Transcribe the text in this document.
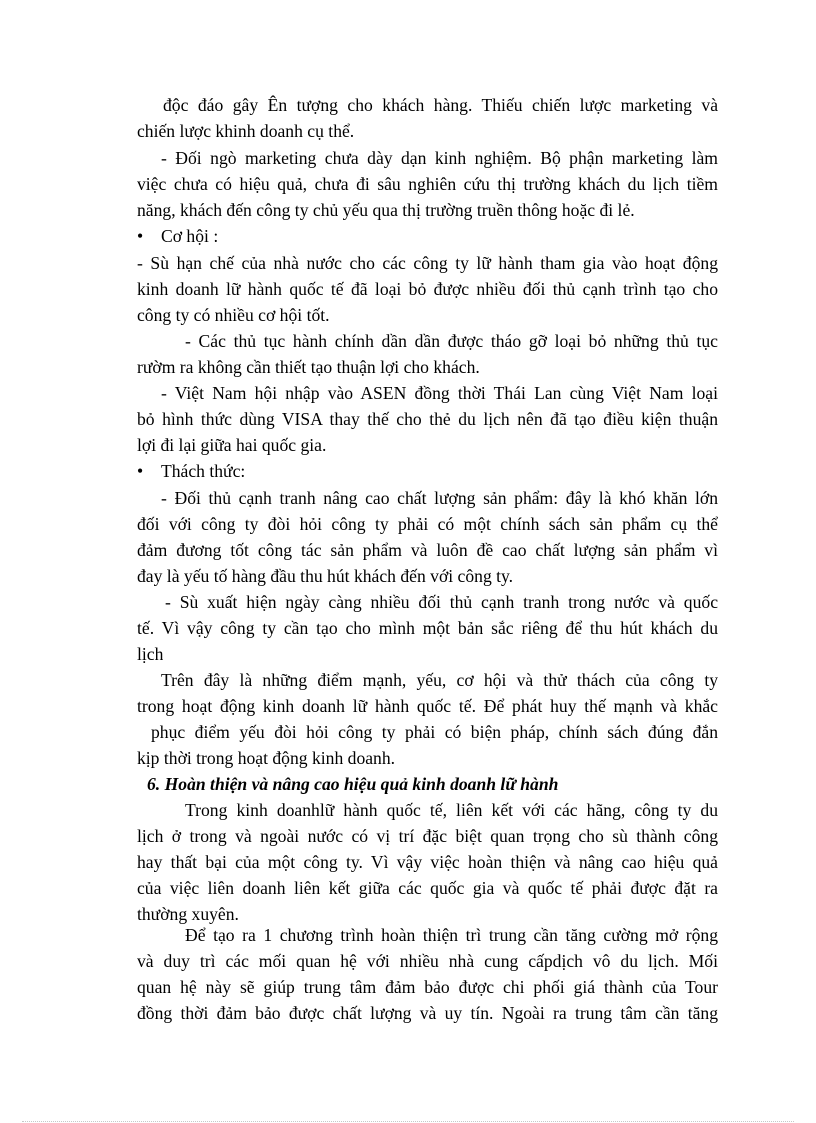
độc đáo gây Ên tượng cho khách hàng. Thiếu chiến lược marketing và
chiến lược khinh doanh cụ thể.
- Đối ngò marketing chưa dày dạn kinh nghiệm. Bộ phận marketing làm
việc chưa có hiệu quả, chưa đi sâu nghiên cứu thị trường khách du lịch tiềm
năng, khách đến công ty chủ yếu qua thị trường truền thông hoặc đi lẻ.
• Cơ hội :
- Sù hạn chế của nhà nước cho các công ty lữ hành tham gia vào hoạt động
kinh doanh lữ hành quốc tế đã loại bỏ được nhiều đối thủ cạnh trình tạo cho
công ty có nhiều cơ hội tốt.
- Các thủ tục hành chính dần dần được tháo gỡ loại bỏ những thủ tục
rườm ra không cần thiết tạo thuận lợi cho khách.
- Việt Nam hội nhập vào ASEN đồng thời Thái Lan cùng Việt Nam loại
bỏ hình thức dùng VISA thay thế cho thẻ du lịch nên đã tạo điều kiện thuận
lợi đi lại giữa hai quốc gia.
• Thách thức:
- Đối thủ cạnh tranh nâng cao chất lượng sản phẩm: đây là khó khăn lớn
đối với công ty đòi hỏi công ty phải có một chính sách sản phẩm cụ thể
đảm đương tốt công tác sản phẩm và luôn đề cao chất lượng sản phẩm vì
đay là yếu tố hàng đầu thu hút khách đến với công ty.
- Sù xuất hiện ngày càng nhiều đối thủ cạnh tranh trong nước và quốc
tế. Vì vậy công ty cần tạo cho mình một bản sắc riêng để thu hút khách du
lịch
Trên đây là những điểm mạnh, yếu, cơ hội và thử thách của công ty
trong hoạt động kinh doanh lữ hành quốc tế. Để phát huy thế mạnh và khắc
phục điểm yếu đòi hỏi công ty phải có biện pháp, chính sách đúng đắn
kịp thời trong hoạt động kinh doanh.
6. Hoàn thiện và nâng cao hiệu quả kinh doanh lữ hành
Trong kinh doanhlữ hành quốc tế, liên kết với các hãng, công ty du
lịch ở trong và ngoài nước có vị trí đặc biệt quan trọng cho sù thành công
hay thất bại của một công ty. Vì vậy việc hoàn thiện và nâng cao hiệu quả
của việc liên doanh liên kết giữa các quốc gia và quốc tế phải được đặt ra
thường xuyên.
Để tạo ra 1 chương trình hoàn thiện trì trung cần tăng cường mở rộng
và duy trì các mối quan hệ với nhiều nhà cung cấpdịch vô du lịch. Mối
quan hệ này sẽ giúp trung tâm đảm bảo được chi phối giá thành của Tour
đồng thời đảm bảo được chất lượng và uy tín. Ngoài ra trung tâm cần tăng
